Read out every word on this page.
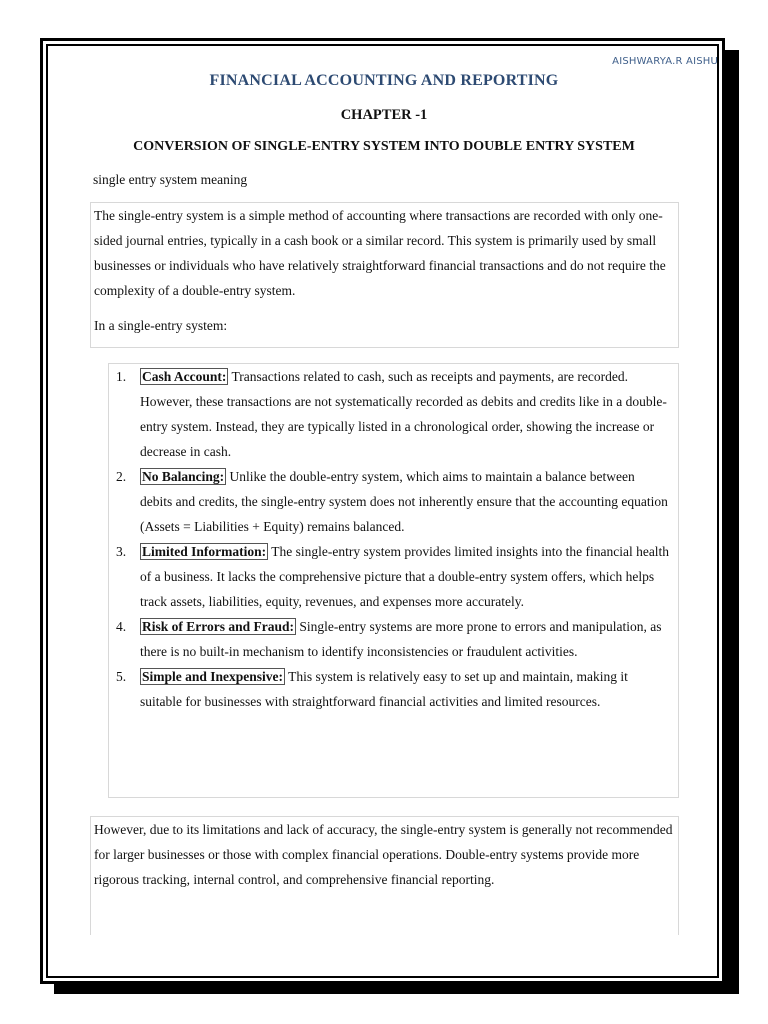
AISHWARYA.R AISHU
FINANCIAL ACCOUNTING AND REPORTING
CHAPTER -1
CONVERSION OF SINGLE-ENTRY SYSTEM INTO DOUBLE ENTRY SYSTEM
single entry system meaning

The single-entry system is a simple method of accounting where transactions are recorded with only one-sided journal entries, typically in a cash book or a similar record. This system is primarily used by small businesses or individuals who have relatively straightforward financial transactions and do not require the complexity of a double-entry system.

In a single-entry system:

1. Cash Account: Transactions related to cash, such as receipts and payments, are recorded. However, these transactions are not systematically recorded as debits and credits like in a double-entry system. Instead, they are typically listed in a chronological order, showing the increase or decrease in cash.
2. No Balancing: Unlike the double-entry system, which aims to maintain a balance between debits and credits, the single-entry system does not inherently ensure that the accounting equation (Assets = Liabilities + Equity) remains balanced.
3. Limited Information: The single-entry system provides limited insights into the financial health of a business. It lacks the comprehensive picture that a double-entry system offers, which helps track assets, liabilities, equity, revenues, and expenses more accurately.
4. Risk of Errors and Fraud: Single-entry systems are more prone to errors and manipulation, as there is no built-in mechanism to identify inconsistencies or fraudulent activities.
5. Simple and Inexpensive: This system is relatively easy to set up and maintain, making it suitable for businesses with straightforward financial activities and limited resources.

However, due to its limitations and lack of accuracy, the single-entry system is generally not recommended for larger businesses or those with complex financial operations. Double-entry systems provide more rigorous tracking, internal control, and comprehensive financial reporting.
